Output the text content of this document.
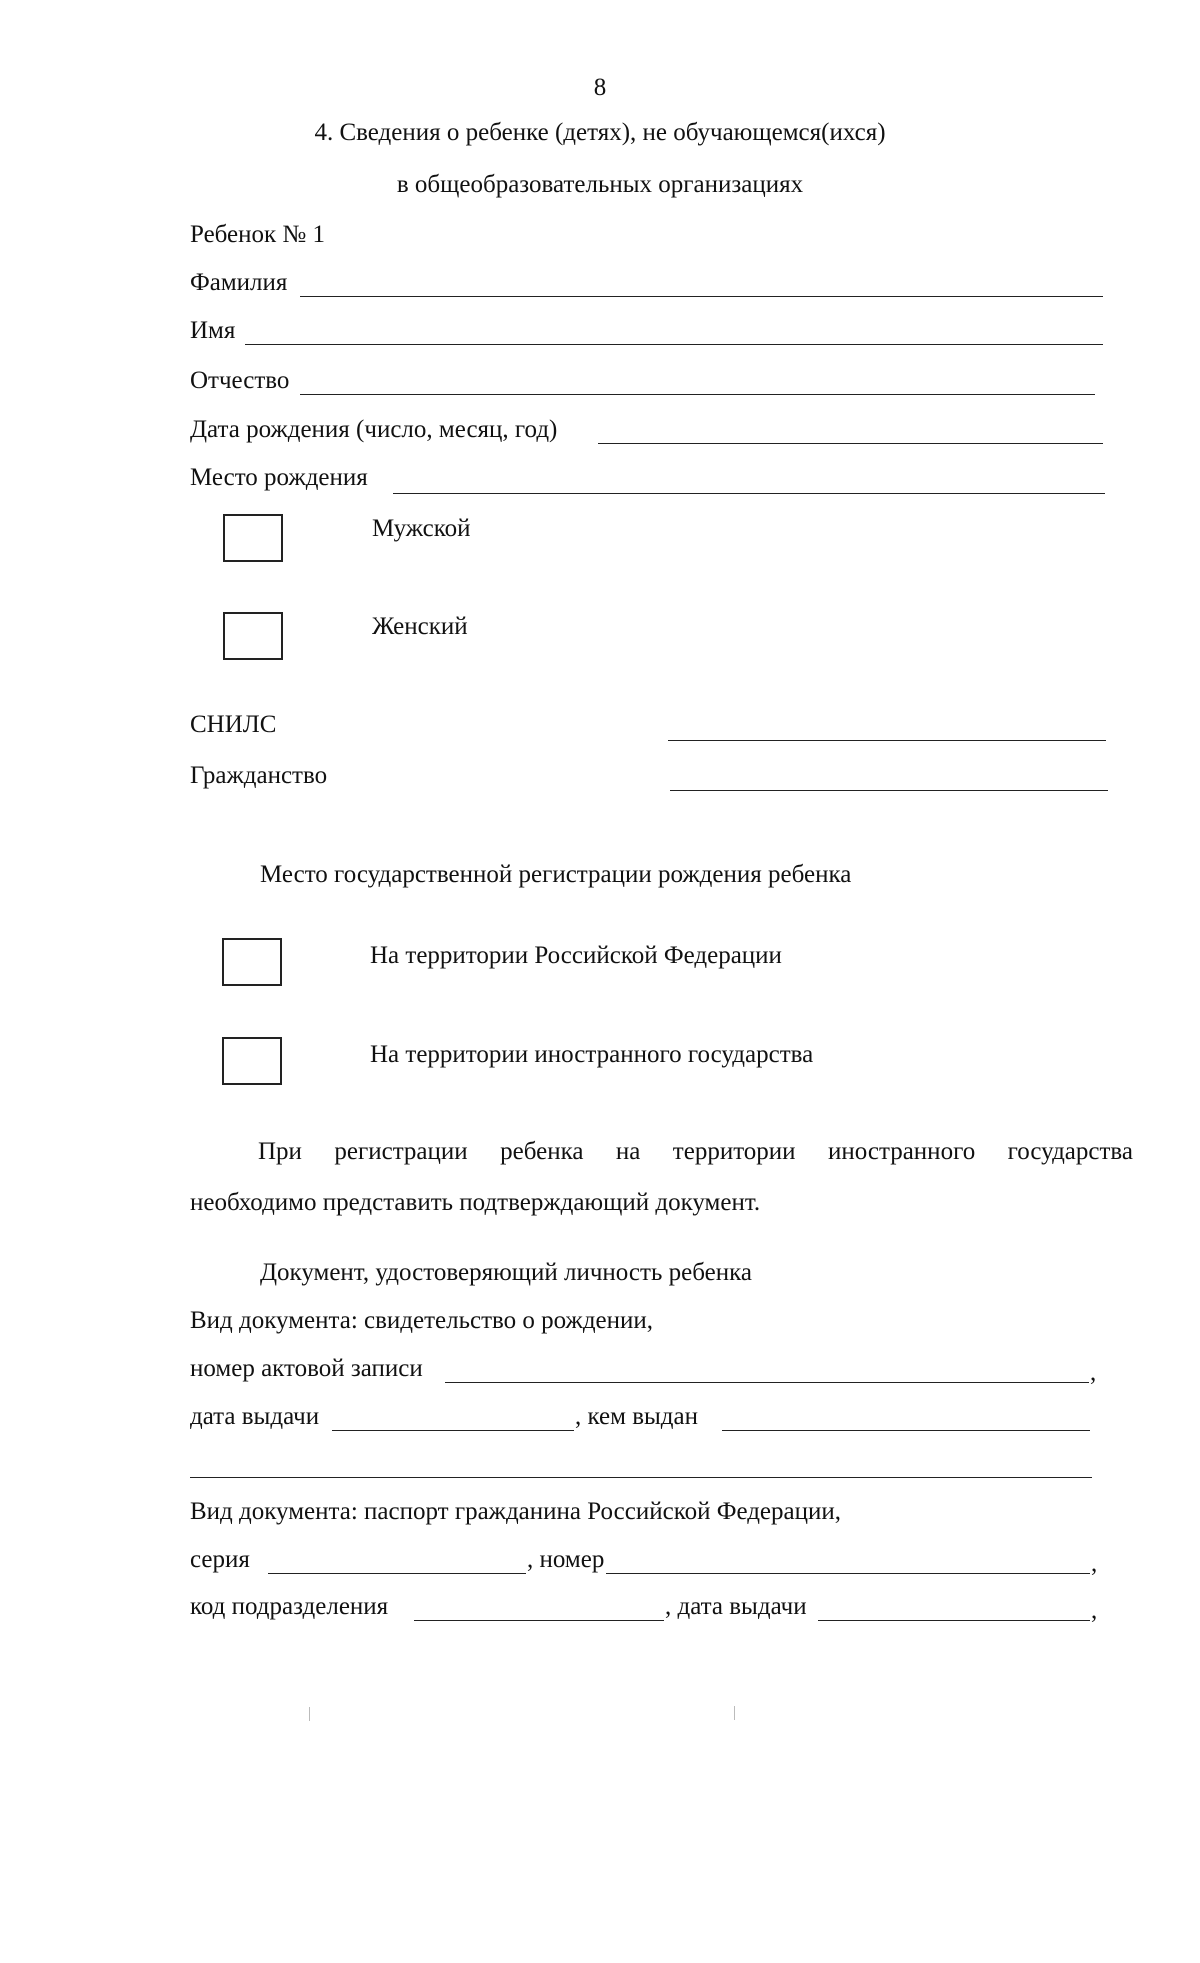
8
4. Сведения о ребенке (детях), не обучающемся(ихся)
в общеобразовательных организациях
Ребенок № 1
Фамилия
Имя
Отчество
Дата рождения (число, месяц, год)
Место рождения
Мужской
Женский
СНИЛС
Гражданство
Место государственной регистрации рождения ребенка
На территории Российской Федерации
На территории иностранного государства
При регистрации ребенка на территории иностранного государства
необходимо представить подтверждающий документ.
Документ, удостоверяющий личность ребенка
Вид документа: свидетельство о рождении,
номер актовой записи	,
дата выдачи	, кем выдан
Вид документа: паспорт гражданина Российской Федерации,
серия	, номер	,
код подразделения	, дата выдачи	,
